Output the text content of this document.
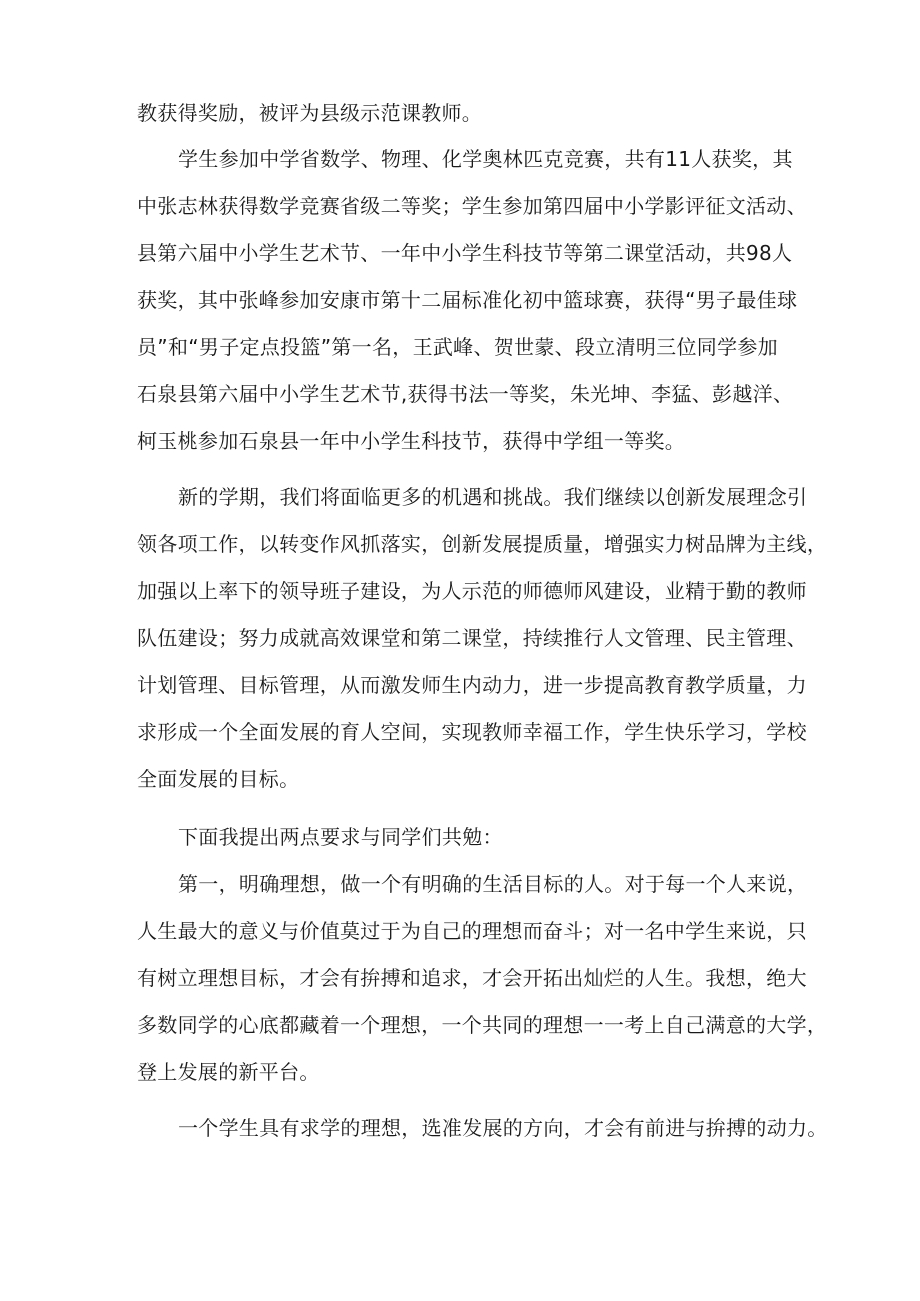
教获得奖励，被评为县级示范课教师。
学生参加中学省数学、物理、化学奥林匹克竞赛，共有11人获奖，其
中张志林获得数学竞赛省级二等奖；学生参加第四届中小学影评征文活动、
县第六届中小学生艺术节、一年中小学生科技节等第二课堂活动，共98人
获奖，其中张峰参加安康市第十二届标准化初中篮球赛，获得“男子最佳球
员”和“男子定点投篮”第一名，王武峰、贺世蒙、段立清明三位同学参加
石泉县第六届中小学生艺术节,获得书法一等奖，朱光坤、李猛、彭越洋、
柯玉桃参加石泉县一年中小学生科技节，获得中学组一等奖。
新的学期，我们将面临更多的机遇和挑战。我们继续以创新发展理念引
领各项工作，以转变作风抓落实，创新发展提质量，增强实力树品牌为主线，
加强以上率下的领导班子建设，为人示范的师德师风建设，业精于勤的教师
队伍建设；努力成就高效课堂和第二课堂，持续推行人文管理、民主管理、
计划管理、目标管理，从而激发师生内动力，进一步提高教育教学质量，力
求形成一个全面发展的育人空间，实现教师幸福工作，学生快乐学习，学校
全面发展的目标。
下面我提出两点要求与同学们共勉：
第一，明确理想，做一个有明确的生活目标的人。对于每一个人来说，
人生最大的意义与价值莫过于为自己的理想而奋斗；对一名中学生来说，只
有树立理想目标，才会有拚搏和追求，才会开拓出灿烂的人生。我想，绝大
多数同学的心底都藏着一个理想，一个共同的理想一一考上自己满意的大学，
登上发展的新平台。
一个学生具有求学的理想，选准发展的方向，才会有前进与拚搏的动力。
